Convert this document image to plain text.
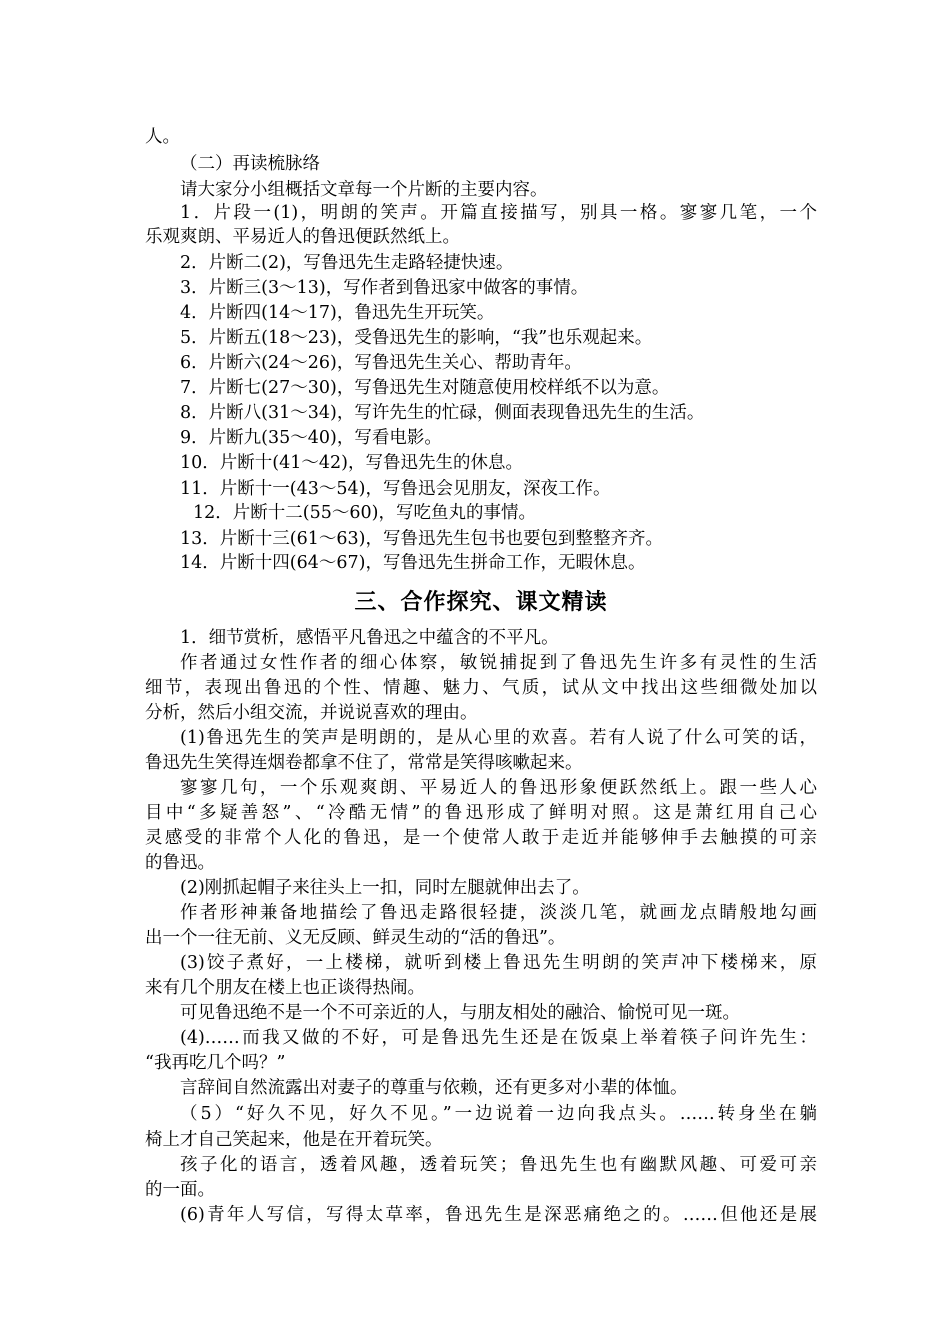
人。
（二）再读梳脉络
请大家分小组概括文章每一个片断的主要内容。
1．片段一(1)，明朗的笑声。开篇直接描写，别具一格。寥寥几笔，一个
乐观爽朗、平易近人的鲁迅便跃然纸上。
2．片断二(2)，写鲁迅先生走路轻捷快速。
3．片断三(3～13)，写作者到鲁迅家中做客的事情。
4．片断四(14～17)，鲁迅先生开玩笑。
5．片断五(18～23)，受鲁迅先生的影响，“我”也乐观起来。
6．片断六(24～26)，写鲁迅先生关心、帮助青年。
7．片断七(27～30)，写鲁迅先生对随意使用校样纸不以为意。
8．片断八(31～34)，写许先生的忙碌，侧面表现鲁迅先生的生活。
9．片断九(35～40)，写看电影。
10．片断十(41～42)，写鲁迅先生的休息。
11．片断十一(43～54)，写鲁迅会见朋友，深夜工作。
12．片断十二(55～60)，写吃鱼丸的事情。
13．片断十三(61～63)，写鲁迅先生包书也要包到整整齐齐。
14．片断十四(64～67)，写鲁迅先生拼命工作，无暇休息。
1．细节赏析，感悟平凡鲁迅之中蕴含的不平凡。
作者通过女性作者的细心体察，敏锐捕捉到了鲁迅先生许多有灵性的生活
细节，表现出鲁迅的个性、情趣、魅力、气质，试从文中找出这些细微处加以
分析，然后小组交流，并说说喜欢的理由。
(1)鲁迅先生的笑声是明朗的，是从心里的欢喜。若有人说了什么可笑的话，
鲁迅先生笑得连烟卷都拿不住了，常常是笑得咳嗽起来。
寥寥几句，一个乐观爽朗、平易近人的鲁迅形象便跃然纸上。跟一些人心
目中“多疑善怒”、“冷酷无情”的鲁迅形成了鲜明对照。这是萧红用自己心
灵感受的非常个人化的鲁迅，是一个使常人敢于走近并能够伸手去触摸的可亲
的鲁迅。
(2)刚抓起帽子来往头上一扣，同时左腿就伸出去了。
作者形神兼备地描绘了鲁迅走路很轻捷，淡淡几笔，就画龙点睛般地勾画
出一个一往无前、义无反顾、鲜灵生动的“活的鲁迅”。
(3)饺子煮好，一上楼梯，就听到楼上鲁迅先生明朗的笑声冲下楼梯来，原
来有几个朋友在楼上也正谈得热闹。
可见鲁迅绝不是一个不可亲近的人，与朋友相处的融洽、愉悦可见一斑。
(4)……而我又做的不好，可是鲁迅先生还是在饭桌上举着筷子问许先生：
“我再吃几个吗？”
言辞间自然流露出对妻子的尊重与依赖，还有更多对小辈的体恤。
（5）“好久不见，好久不见。”一边说着一边向我点头。……转身坐在躺
椅上才自己笑起来，他是在开着玩笑。
孩子化的语言，透着风趣，透着玩笑；鲁迅先生也有幽默风趣、可爱可亲
的一面。
(6)青年人写信，写得太草率，鲁迅先生是深恶痛绝之的。……但他还是展
三、合作探究、课文精读
